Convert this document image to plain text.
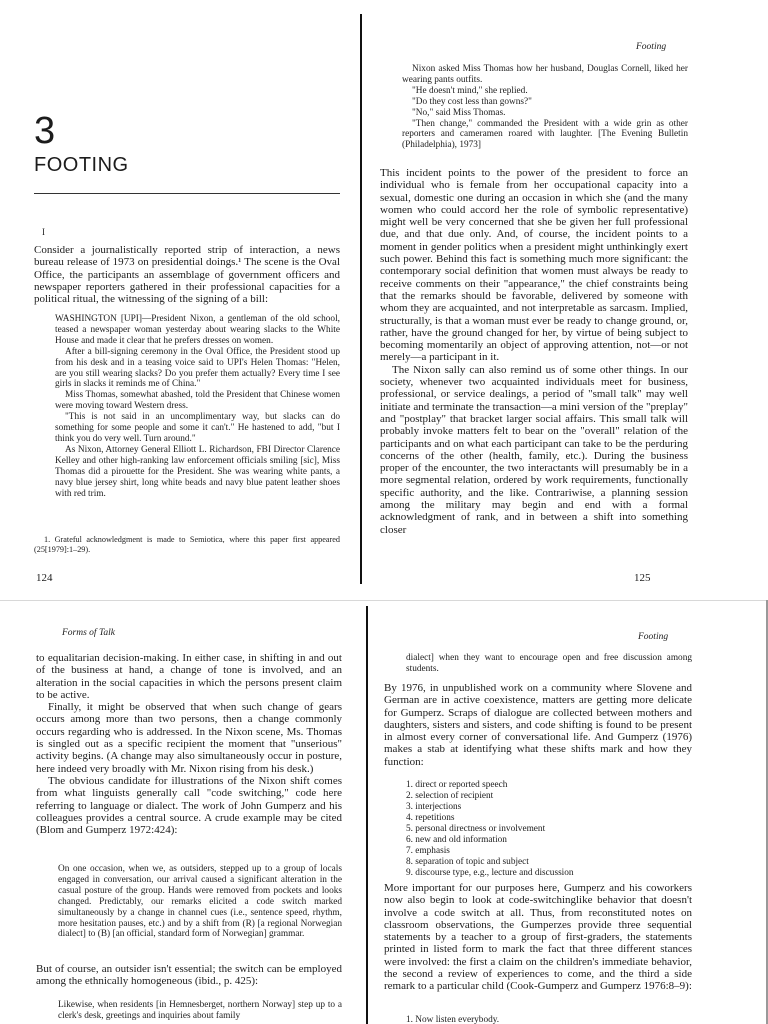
3
FOOTING
I

Consider a journalistically reported strip of interaction, a news bureau release of 1973 on presidential doings.¹ The scene is the Oval Office, the participants an assemblage of government officers and newspaper reporters gathered in their professional capacities for a political ritual, the witnessing of the signing of a bill:

WASHINGTON [UPI]—President Nixon, a gentleman of the old school, teased a newspaper woman yesterday about wearing slacks to the White House and made it clear that he prefers dresses on women.

After a bill-signing ceremony in the Oval Office, the President stood up from his desk and in a teasing voice said to UPI's Helen Thomas: "Helen, are you still wearing slacks? Do you prefer them actually? Every time I see girls in slacks it reminds me of China."

Miss Thomas, somewhat abashed, told the President that Chinese women were moving toward Western dress.

"This is not said in an uncomplimentary way, but slacks can do something for some people and some it can't." He hastened to add, "but I think you do very well. Turn around."

As Nixon, Attorney General Elliott L. Richardson, FBI Director Clarence Kelley and other high-ranking law enforcement officials smiling [sic], Miss Thomas did a pirouette for the President. She was wearing white pants, a navy blue jersey shirt, long white beads and navy blue patent leather shoes with red trim.

1. Grateful acknowledgment is made to Semiotica, where this paper first appeared (25[1979]:1–29).

124
Footing

Nixon asked Miss Thomas how her husband, Douglas Cornell, liked her wearing pants outfits.

"He doesn't mind," she replied.

"Do they cost less than gowns?"

"No," said Miss Thomas.

"Then change," commanded the President with a wide grin as other reporters and cameramen roared with laughter. [The Evening Bulletin (Philadelphia), 1973]

This incident points to the power of the president to force an individual who is female from her occupational capacity into a sexual, domestic one during an occasion in which she (and the many women who could accord her the role of symbolic representative) might well be very concerned that she be given her full professional due, and that due only. And, of course, the incident points to a moment in gender politics when a president might unthinkingly exert such power. Behind this fact is something much more significant: the contemporary social definition that women must always be ready to receive comments on their "appearance," the chief constraints being that the remarks should be favorable, delivered by someone with whom they are acquainted, and not interpretable as sarcasm. Implied, structurally, is that a woman must ever be ready to change ground, or, rather, have the ground changed for her, by virtue of being subject to becoming momentarily an object of approving attention, not—or not merely—a participant in it.

The Nixon sally can also remind us of some other things. In our society, whenever two acquainted individuals meet for business, professional, or service dealings, a period of "small talk" may well initiate and terminate the transaction—a mini version of the "preplay" and "postplay" that bracket larger social affairs. This small talk will probably invoke matters felt to bear on the "overall" relation of the participants and on what each participant can take to be the perduring concerns of the other (health, family, etc.). During the business proper of the encounter, the two interactants will presumably be in a more segmental relation, ordered by work requirements, functionally specific authority, and the like. Contrariwise, a planning session among the military may begin and end with a formal acknowledgment of rank, and in between a shift into something closer

125
Forms of Talk

to equalitarian decision-making. In either case, in shifting in and out of the business at hand, a change of tone is involved, and an alteration in the social capacities in which the persons present claim to be active.

Finally, it might be observed that when such change of gears occurs among more than two persons, then a change commonly occurs regarding who is addressed. In the Nixon scene, Ms. Thomas is singled out as a specific recipient the moment that "unserious" activity begins. (A change may also simultaneously occur in posture, here indeed very broadly with Mr. Nixon rising from his desk.)

The obvious candidate for illustrations of the Nixon shift comes from what linguists generally call "code switching," code here referring to language or dialect. The work of John Gumperz and his colleagues provides a central source. A crude example may be cited (Blom and Gumperz 1972:424):

On one occasion, when we, as outsiders, stepped up to a group of locals engaged in conversation, our arrival caused a significant alteration in the casual posture of the group. Hands were removed from pockets and looks changed. Predictably, our remarks elicited a code switch marked simultaneously by a change in channel cues (i.e., sentence speed, rhythm, more hesitation pauses, etc.) and by a shift from (R) [a regional Norwegian dialect] to (B) [an official, standard form of Norwegian] grammar.

But of course, an outsider isn't essential; the switch can be employed among the ethnically homogeneous (ibid., p. 425):

Likewise, when residents [in Hemnesberget, northern Norway] step up to a clerk's desk, greetings and inquiries about family

Footing

dialect] when they want to encourage open and free discussion among students.

By 1976, in unpublished work on a community where Slovene and German are in active coexistence, matters are getting more delicate for Gumperz. Scraps of dialogue are collected between mothers and daughters, sisters and sisters, and code shifting is found to be present in almost every corner of conversational life. And Gumperz (1976) makes a stab at identifying what these shifts mark and how they function:

1. direct or reported speech
2. selection of recipient
3. interjections
4. repetitions
5. personal directness or involvement
6. new and old information
7. emphasis
8. separation of topic and subject
9. discourse type, e.g., lecture and discussion

More important for our purposes here, Gumperz and his coworkers now also begin to look at code-switchinglike behavior that doesn't involve a code switch at all. Thus, from reconstituted notes on classroom observations, the Gumperzes provide three sequential statements by a teacher to a group of first-graders, the statements printed in listed form to mark the fact that three different stances were involved: the first a claim on the children's immediate behavior, the second a review of experiences to come, and the third a side remark to a particular child (Cook-Gumperz and Gumperz 1976:8–9):

1. Now listen everybody.
